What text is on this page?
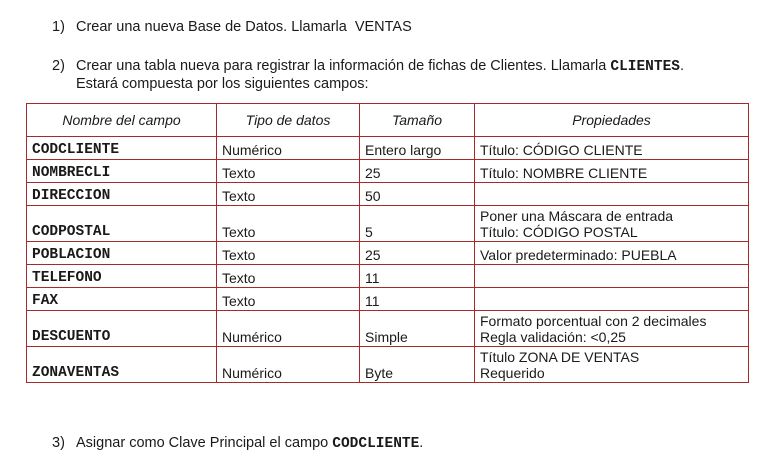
1) Crear una nueva Base de Datos. Llamarla VENTAS
2) Crear una tabla nueva para registrar la información de fichas de Clientes. Llamarla CLIENTES.
Estará compuesta por los siguientes campos:
Nombre del campo	Tipo de datos	Tamaño	Propiedades
CODCLIENTE	Numérico	Entero largo	Título: CÓDIGO CLIENTE

NOMBRECLI	Texto	25	Título: NOMBRE CLIENTE

DIRECCION	Texto	50	
CODPOSTAL	Texto	5	Poner una Máscara de entrada
Título: CÓDIGO POSTAL

POBLACION	Texto	25	Valor predeterminado: PUEBLA

TELEFONO	Texto	11	
FAX	Texto	11	
DESCUENTO	Numérico	Simple	Formato porcentual con 2 decimales
Regla validación: <0,25

ZONAVENTAS	Numérico	Byte	Título ZONA DE VENTAS
Requerido
3) Asignar como Clave Principal el campo CODCLIENTE.
